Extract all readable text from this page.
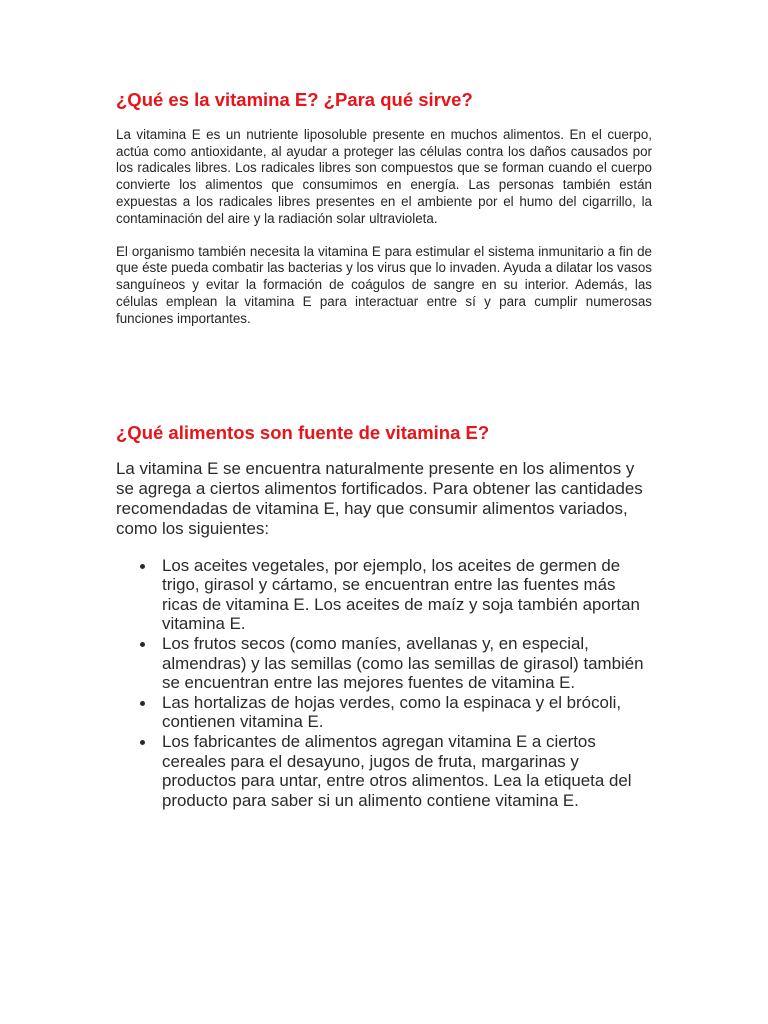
¿Qué es la vitamina E? ¿Para qué sirve?

La vitamina E es un nutriente liposoluble presente en muchos alimentos. En el cuerpo, actúa como antioxidante, al ayudar a proteger las células contra los daños causados por los radicales libres. Los radicales libres son compuestos que se forman cuando el cuerpo convierte los alimentos que consumimos en energía. Las personas también están expuestas a los radicales libres presentes en el ambiente por el humo del cigarrillo, la contaminación del aire y la radiación solar ultravioleta.

El organismo también necesita la vitamina E para estimular el sistema inmunitario a fin de que éste pueda combatir las bacterias y los virus que lo invaden. Ayuda a dilatar los vasos sanguíneos y evitar la formación de coágulos de sangre en su interior. Además, las células emplean la vitamina E para interactuar entre sí y para cumplir numerosas funciones importantes.

¿Qué alimentos son fuente de vitamina E?

La vitamina E se encuentra naturalmente presente en los alimentos y se agrega a ciertos alimentos fortificados. Para obtener las cantidades recomendadas de vitamina E, hay que consumir alimentos variados, como los siguientes:

Los aceites vegetales, por ejemplo, los aceites de germen de trigo, girasol y cártamo, se encuentran entre las fuentes más ricas de vitamina E. Los aceites de maíz y soja también aportan vitamina E.
Los frutos secos (como maníes, avellanas y, en especial, almendras) y las semillas (como las semillas de girasol) también se encuentran entre las mejores fuentes de vitamina E.
Las hortalizas de hojas verdes, como la espinaca y el brócoli, contienen vitamina E.
Los fabricantes de alimentos agregan vitamina E a ciertos cereales para el desayuno, jugos de fruta, margarinas y productos para untar, entre otros alimentos. Lea la etiqueta del producto para saber si un alimento contiene vitamina E.
